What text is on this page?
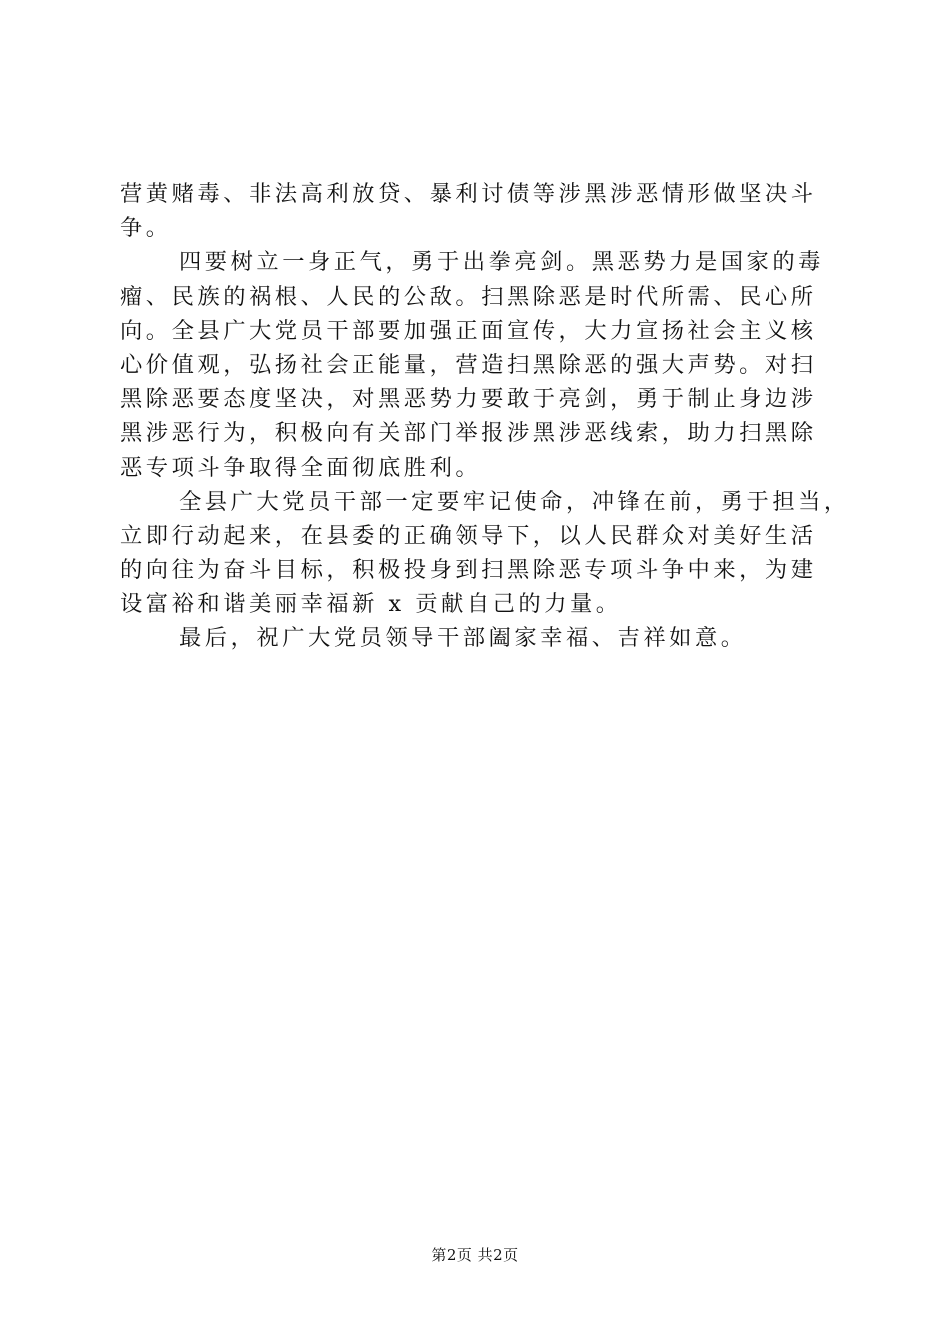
营黄赌毒、非法高利放贷、暴利讨债等涉黑涉恶情形做坚决斗
争。
四要树立一身正气，勇于出拳亮剑。黑恶势力是国家的毒
瘤、民族的祸根、人民的公敌。扫黑除恶是时代所需、民心所
向。全县广大党员干部要加强正面宣传，大力宣扬社会主义核
心价值观，弘扬社会正能量，营造扫黑除恶的强大声势。对扫
黑除恶要态度坚决，对黑恶势力要敢于亮剑，勇于制止身边涉
黑涉恶行为，积极向有关部门举报涉黑涉恶线索，助力扫黑除
恶专项斗争取得全面彻底胜利。
全县广大党员干部一定要牢记使命，冲锋在前，勇于担当，
立即行动起来，在县委的正确领导下，以人民群众对美好生活
的向往为奋斗目标，积极投身到扫黑除恶专项斗争中来，为建
设富裕和谐美丽幸福新 x 贡献自己的力量。
最后，祝广大党员领导干部阖家幸福、吉祥如意。
第2页 共2页
